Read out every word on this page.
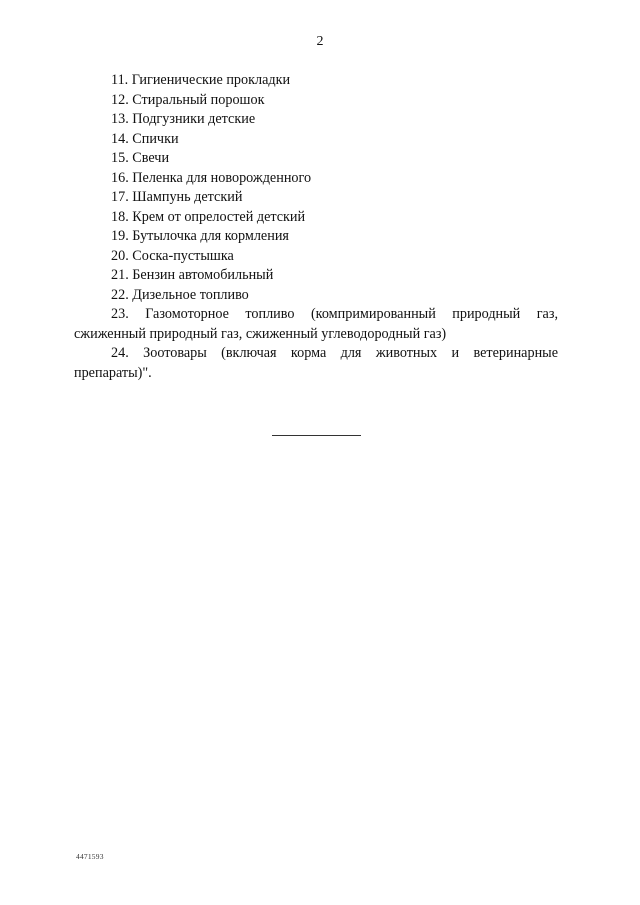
2
11. Гигиенические прокладки
12. Стиральный порошок
13. Подгузники детские
14. Спички
15. Свечи
16. Пеленка для новорожденного
17. Шампунь детский
18. Крем от опрелостей детский
19. Бутылочка для кормления
20. Соска-пустышка
21. Бензин автомобильный
22. Дизельное топливо
23. Газомоторное топливо (компримированный природный газ, сжиженный природный газ, сжиженный углеводородный газ)
24. Зоотовары (включая корма для животных и ветеринарные препараты)".
4471593
